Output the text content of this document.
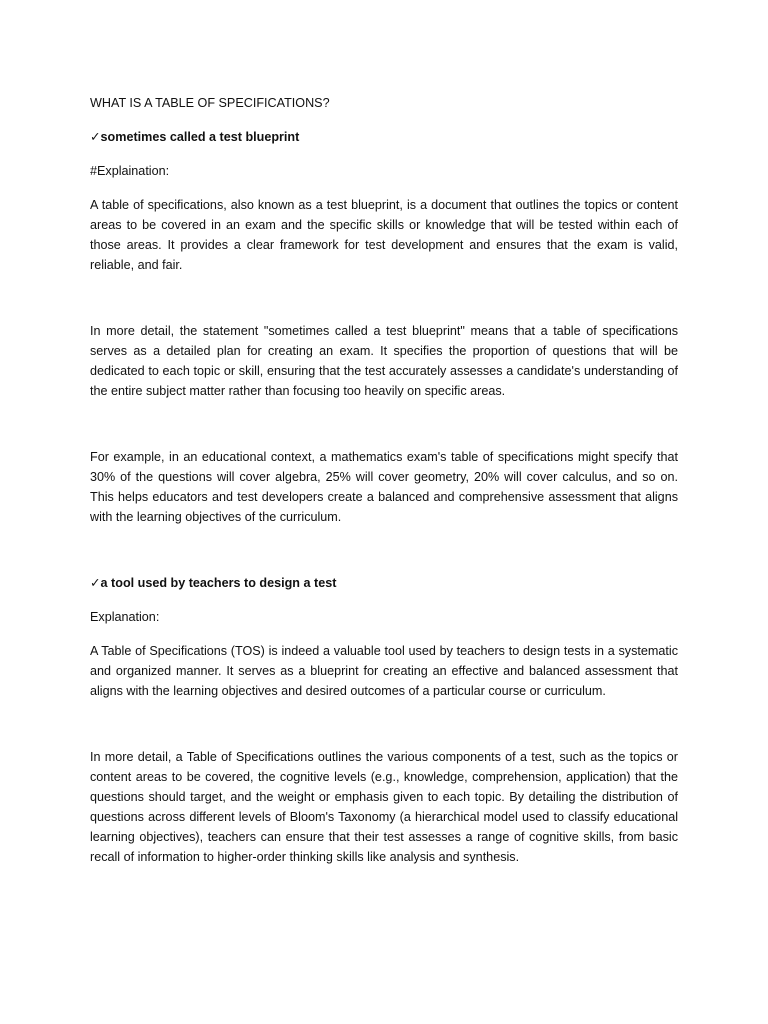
WHAT IS A TABLE OF SPECIFICATIONS?
✓sometimes called a test blueprint
#Explaination:

A table of specifications, also known as a test blueprint, is a document that outlines the topics or content areas to be covered in an exam and the specific skills or knowledge that will be tested within each of those areas. It provides a clear framework for test development and ensures that the exam is valid, reliable, and fair.

In more detail, the statement "sometimes called a test blueprint" means that a table of specifications serves as a detailed plan for creating an exam. It specifies the proportion of questions that will be dedicated to each topic or skill, ensuring that the test accurately assesses a candidate's understanding of the entire subject matter rather than focusing too heavily on specific areas.

For example, in an educational context, a mathematics exam's table of specifications might specify that 30% of the questions will cover algebra, 25% will cover geometry, 20% will cover calculus, and so on. This helps educators and test developers create a balanced and comprehensive assessment that aligns with the learning objectives of the curriculum.

✓a tool used by teachers to design a test
Explanation:

A Table of Specifications (TOS) is indeed a valuable tool used by teachers to design tests in a systematic and organized manner. It serves as a blueprint for creating an effective and balanced assessment that aligns with the learning objectives and desired outcomes of a particular course or curriculum.

In more detail, a Table of Specifications outlines the various components of a test, such as the topics or content areas to be covered, the cognitive levels (e.g., knowledge, comprehension, application) that the questions should target, and the weight or emphasis given to each topic. By detailing the distribution of questions across different levels of Bloom's Taxonomy (a hierarchical model used to classify educational learning objectives), teachers can ensure that their test assesses a range of cognitive skills, from basic recall of information to higher-order thinking skills like analysis and synthesis.
